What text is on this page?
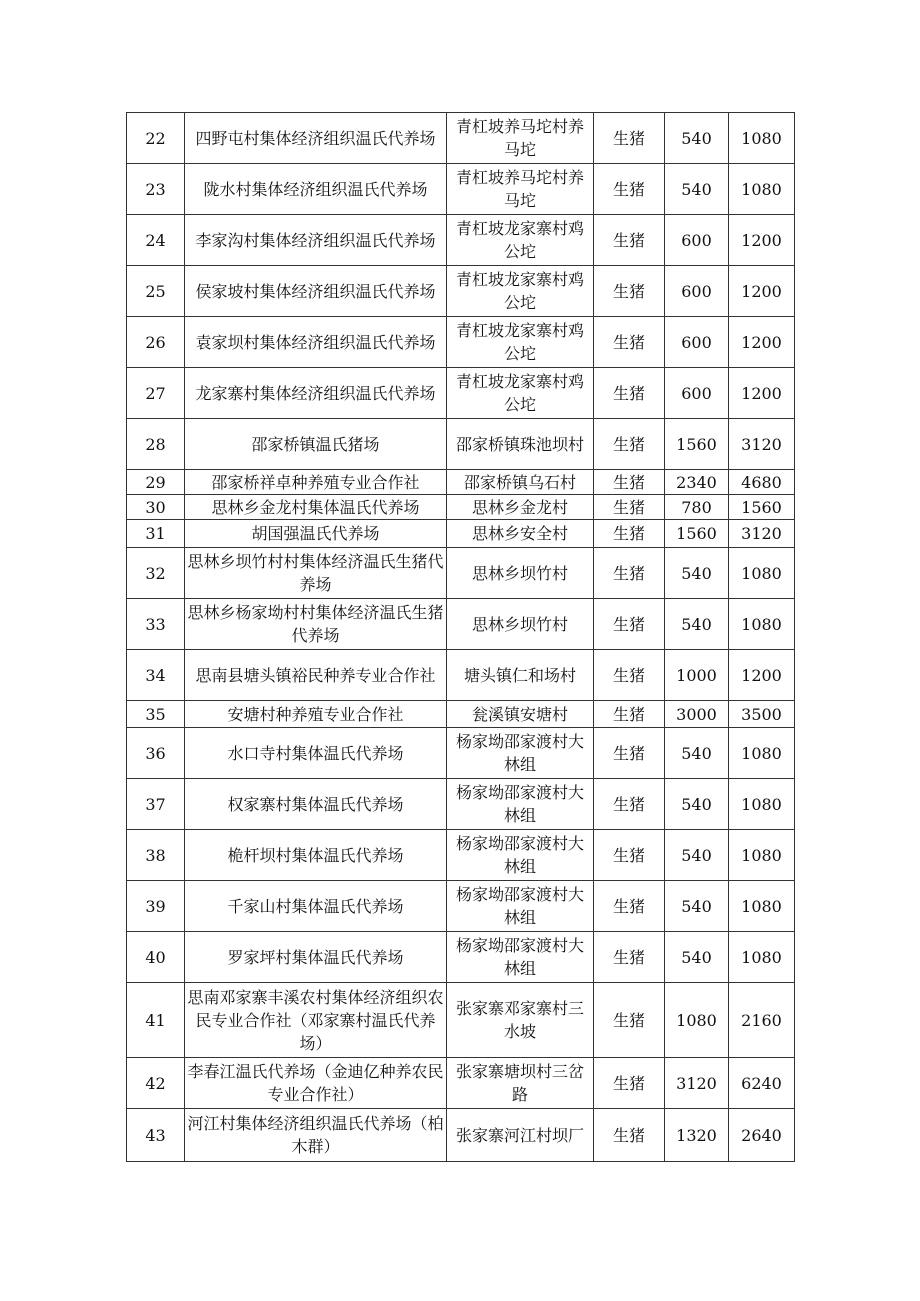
22	四野屯村集体经济组织温氏代养场	青杠坡养马坨村养马坨	生猪	540	1080
23	陇水村集体经济组织温氏代养场	青杠坡养马坨村养马坨	生猪	540	1080
24	李家沟村集体经济组织温氏代养场	青杠坡龙家寨村鸡公坨	生猪	600	1200
25	侯家坡村集体经济组织温氏代养场	青杠坡龙家寨村鸡公坨	生猪	600	1200
26	袁家坝村集体经济组织温氏代养场	青杠坡龙家寨村鸡公坨	生猪	600	1200
27	龙家寨村集体经济组织温氏代养场	青杠坡龙家寨村鸡公坨	生猪	600	1200
28	邵家桥镇温氏猪场	邵家桥镇珠池坝村	生猪	1560	3120
29	邵家桥祥卓种养殖专业合作社	邵家桥镇乌石村	生猪	2340	4680
30	思林乡金龙村集体温氏代养场	思林乡金龙村	生猪	780	1560
31	胡国强温氏代养场	思林乡安全村	生猪	1560	3120
32	思林乡坝竹村村集体经济温氏生猪代养场	思林乡坝竹村	生猪	540	1080
33	思林乡杨家坳村村集体经济温氏生猪代养场	思林乡坝竹村	生猪	540	1080
34	思南县塘头镇裕民种养专业合作社	塘头镇仁和场村	生猪	1000	1200
35	安塘村种养殖专业合作社	瓮溪镇安塘村	生猪	3000	3500
36	水口寺村集体温氏代养场	杨家坳邵家渡村大林组	生猪	540	1080
37	权家寨村集体温氏代养场	杨家坳邵家渡村大林组	生猪	540	1080
38	桅杆坝村集体温氏代养场	杨家坳邵家渡村大林组	生猪	540	1080
39	千家山村集体温氏代养场	杨家坳邵家渡村大林组	生猪	540	1080
40	罗家坪村集体温氏代养场	杨家坳邵家渡村大林组	生猪	540	1080
41	思南邓家寨丰溪农村集体经济组织农民专业合作社（邓家寨村温氏代养场）	张家寨邓家寨村三水坡	生猪	1080	2160
42	李春江温氏代养场（金迪亿种养农民专业合作社）	张家寨塘坝村三岔路	生猪	3120	6240
43	河江村集体经济组织温氏代养场（柏木群）	张家寨河江村坝厂	生猪	1320	2640
